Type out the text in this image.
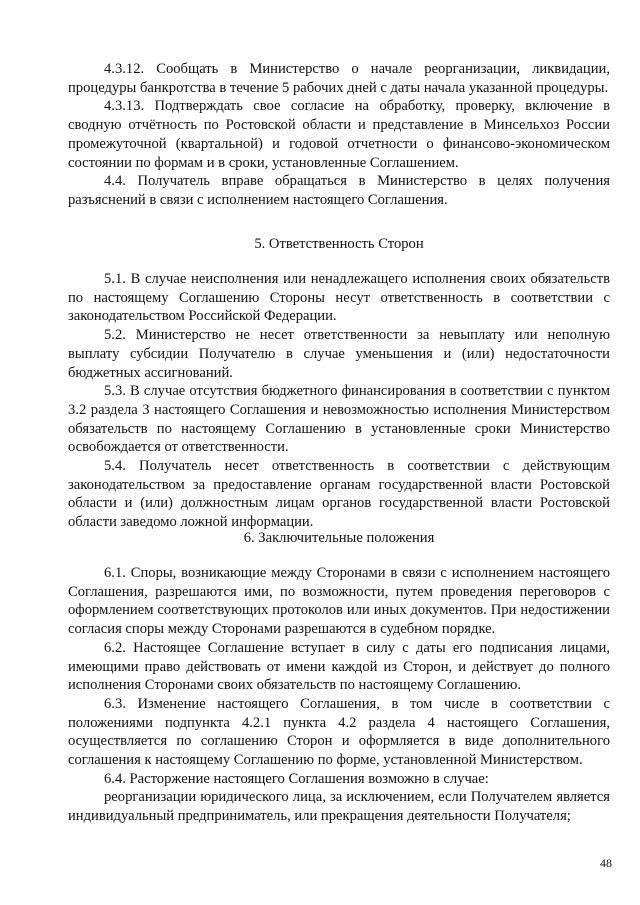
4.3.12. Сообщать в Министерство о начале реорганизации, ликвидации, процедуры банкротства в течение 5 рабочих дней с даты начала указанной процедуры.

4.3.13. Подтверждать свое согласие на обработку, проверку, включение в сводную отчётность по Ростовской области и представление в Минсельхоз России промежуточной (квартальной) и годовой отчетности о финансово-экономическом состоянии по формам и в сроки, установленные Соглашением.

4.4. Получатель вправе обращаться в Министерство в целях получения разъяснений в связи с исполнением настоящего Соглашения.

5. Ответственность Сторон

5.1. В случае неисполнения или ненадлежащего исполнения своих обязательств по настоящему Соглашению Стороны несут ответственность в соответствии с законодательством Российской Федерации.

5.2. Министерство не несет ответственности за невыплату или неполную выплату субсидии Получателю в случае уменьшения и (или) недостаточности бюджетных ассигнований.

5.3. В случае отсутствия бюджетного финансирования в соответствии с пунктом 3.2 раздела 3 настоящего Соглашения и невозможностью исполнения Министерством обязательств по настоящему Соглашению в установленные сроки Министерство освобождается от ответственности.

5.4. Получатель несет ответственность в соответствии с действующим законодательством за предоставление органам государственной власти Ростовской области и (или) должностным лицам органов государственной власти Ростовской области заведомо ложной информации.

6. Заключительные положения

6.1. Споры, возникающие между Сторонами в связи с исполнением настоящего Соглашения, разрешаются ими, по возможности, путем проведения переговоров с оформлением соответствующих протоколов или иных документов. При недостижении согласия споры между Сторонами разрешаются в судебном порядке.

6.2. Настоящее Соглашение вступает в силу с даты его подписания лицами, имеющими право действовать от имени каждой из Сторон, и действует до полного исполнения Сторонами своих обязательств по настоящему Соглашению.

6.3. Изменение настоящего Соглашения, в том числе в соответствии с положениями подпункта 4.2.1 пункта 4.2 раздела 4 настоящего Соглашения, осуществляется по соглашению Сторон и оформляется в виде дополнительного соглашения к настоящему Соглашению по форме, установленной Министерством.

6.4. Расторжение настоящего Соглашения возможно в случае:

реорганизации юридического лица, за исключением, если Получателем является индивидуальный предприниматель, или прекращения деятельности Получателя;

48
